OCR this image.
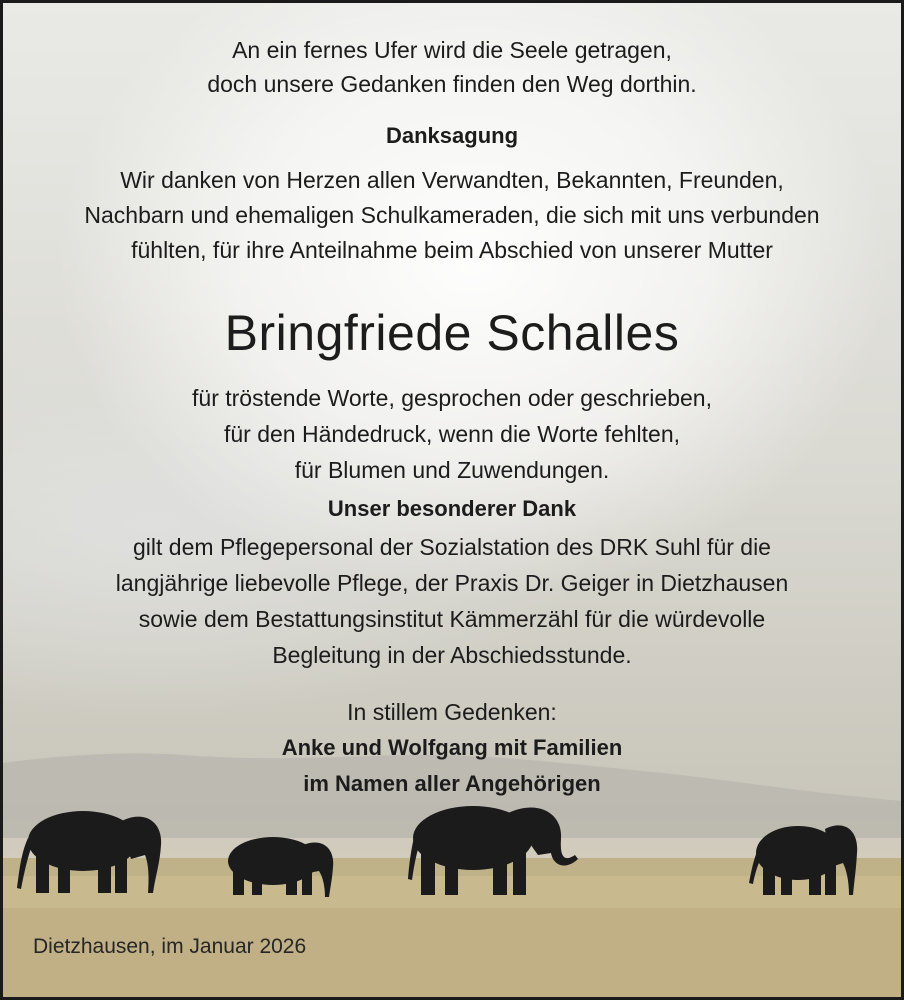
An ein fernes Ufer wird die Seele getragen,
doch unsere Gedanken finden den Weg dorthin.
Danksagung
Wir danken von Herzen allen Verwandten, Bekannten, Freunden,
Nachbarn und ehemaligen Schulkameraden, die sich mit uns verbunden
fühlten, für ihre Anteilnahme beim Abschied von unserer Mutter
Bringfriede Schalles
für tröstende Worte, gesprochen oder geschrieben,
für den Händedruck, wenn die Worte fehlten,
für Blumen und Zuwendungen.
Unser besonderer Dank
gilt dem Pflegepersonal der Sozialstation des DRK Suhl für die
langjährige liebevolle Pflege, der Praxis Dr. Geiger in Dietzhausen
sowie dem Bestattungsinstitut Kämmerzähl für die würdevolle
Begleitung in der Abschiedsstunde.
In stillem Gedenken:
Anke und Wolfgang mit Familien
im Namen aller Angehörigen
Dietzhausen, im Januar 2026
